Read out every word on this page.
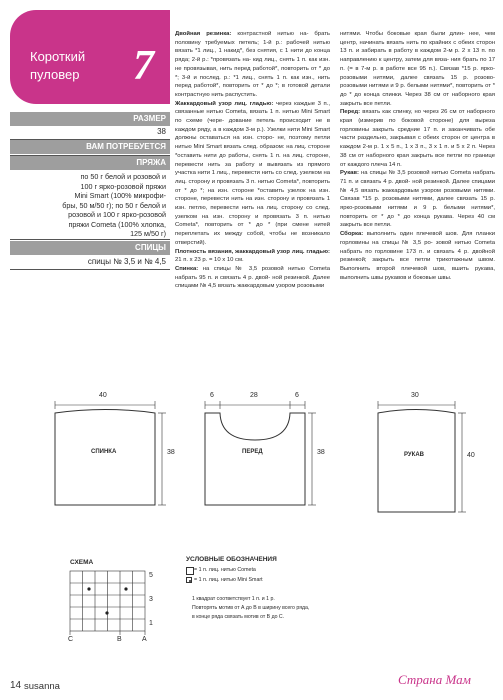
Короткий
пуловер	7
РАЗМЕР
38
ВАМ ПОТРЕБУЕТСЯ
ПРЯЖА
по 50 г белой и розовой и
100 г ярко-розовой пряжи
Mini Smart (100% микрофи-
бры, 50 м/50 г); по 50 г белой и
розовой и 100 г ярко-розовой
пряжи Cometa (100% хлопка,
125 м/50 г)
СПИЦЫ
спицы № 3,5 и № 4,5

Двойная резинка: контрастной нитью на- брать половину требуемых петель; 1-й р.: рабочей нитью вязать *1 лиц., 1 накид*, без снятия, с 1 нити до конца ряда; 2-й р.: *провязать на- кид лиц., снять 1 п. как изн. не провязывая, нить перед работой*, повторить от * до *; 3-й и послед. р.: *1 лиц., снять 1 п. как изн., нить перед работой*, повторить от * до *; в готовой детали контрастную нить распустить.

Жаккардовый узор лиц. гладью: через каждые 3 п., связанные нитью Cometa, вязать 1 п. нитью Mini Smart по схеме (чере- дование петель происходит не в каждом ряду, а в каждом 3-м р.). Узелки нити Mini Smart должны оставаться на изн. сторо- не, поэтому петли нитью Mini Smart вязать след. образом: на лиц. стороне *оставить нити до работы, снять 1 п. на лиц. стороне, перевести нить за работу и вывязать из прямого участка нити 1 лиц., перевести нить со след. узелком на лиц. сторону и провязать 3 п. нитью Cometa*, повторить от * до *; на изн. стороне *оставить узелок на изн. стороне, перевести нить на изн. сторону и провязать 1 изн. петлю, перевести нить на лиц. сторону со след. узелком на изн. сторону и провязать 3 п. нитью Cometa*, повторить от * до * (при смене нитей переплетать их между собой, чтобы не возникало отверстий).

Плотность вязания, жаккардовый узор лиц. гладью: 21 п. х 23 р. = 10 х 10 см.

Спинка: на спицы № 3,5 розовой нитью Cometa набрать 95 п. и связать 4 р. двой- ной резинкой. Далее спицами № 4,5 вязать жаккардовым узором розовыми

нитями. Чтобы боковые края были длин- нее, чем центр, начинать вязать нить по крайних с обеих сторон 13 п. и забирать в работу в каждом 2-м р. 2 х 13 п. по направлению к центру, затем для вяза- ния брать по 17 п. (= в 7-м р. в работе все 95 п.). Связав *15 р. ярко-розовыми нитями, далее связать 15 р. розово-розовыми нитями и 9 р. белыми нитями*, повторить от * до * до конца спинки. Через 38 см от наборного края закрыть все петли.

Перед: вязать как спинку, но через 26 см от наборного края (измерив по боковой стороне) для выреза горловины закрыть средние 17 п. и заканчивать обе части раздельно, закрывая с обеих сторон от центра в каждом 2-м р. 1 х 5 п., 1 х 3 п., 3 х 1 п. и 5 х 2 п. Через 38 см от наборного края закрыть все петли по границе от каждого плеча 14 п.

Рукав: на спицы № 3,5 розовой нитью Cometa набрать 71 п. и связать 4 р. двой- ной резинкой. Далее спицами № 4,5 вязать жаккардовым узором розовыми нитями. Связав *15 р. розовыми нитями, далее связать 15 р. ярко-розовыми нитями и 9 р. белыми нитями*, повторить от * до * до конца рукава. Через 40 см закрыть все петли.

Сборка: выполнить один плечевой шов. Для планки горловины на спицы № 3,5 ро- зовой нитью Cometa набрать по горловине 173 п. и связать 4 р. двойной резинкой; закрыть все петли трикотажным швом. Выполнить второй плечевой шов, вшить рукава, выполнить швы рукавов и боковые швы.

40
38
СПИНКА
6	28	6
38
ПЕРЕД
30
40
РУКАВ
СХЕМА
5
3
1
C	B	A
УСЛОВНЫЕ ОБОЗНАЧЕНИЯ
= 1 п. лиц. нитью Cometa
= 1 п. лиц. нитью Mini Smart
1 квадрат соответствует 1 п. и 1 р.
Повторять мотив от А до B в ширину всего ряда,
в конце ряда связать мотив от B до C.
14 susanna	Страна Мам
